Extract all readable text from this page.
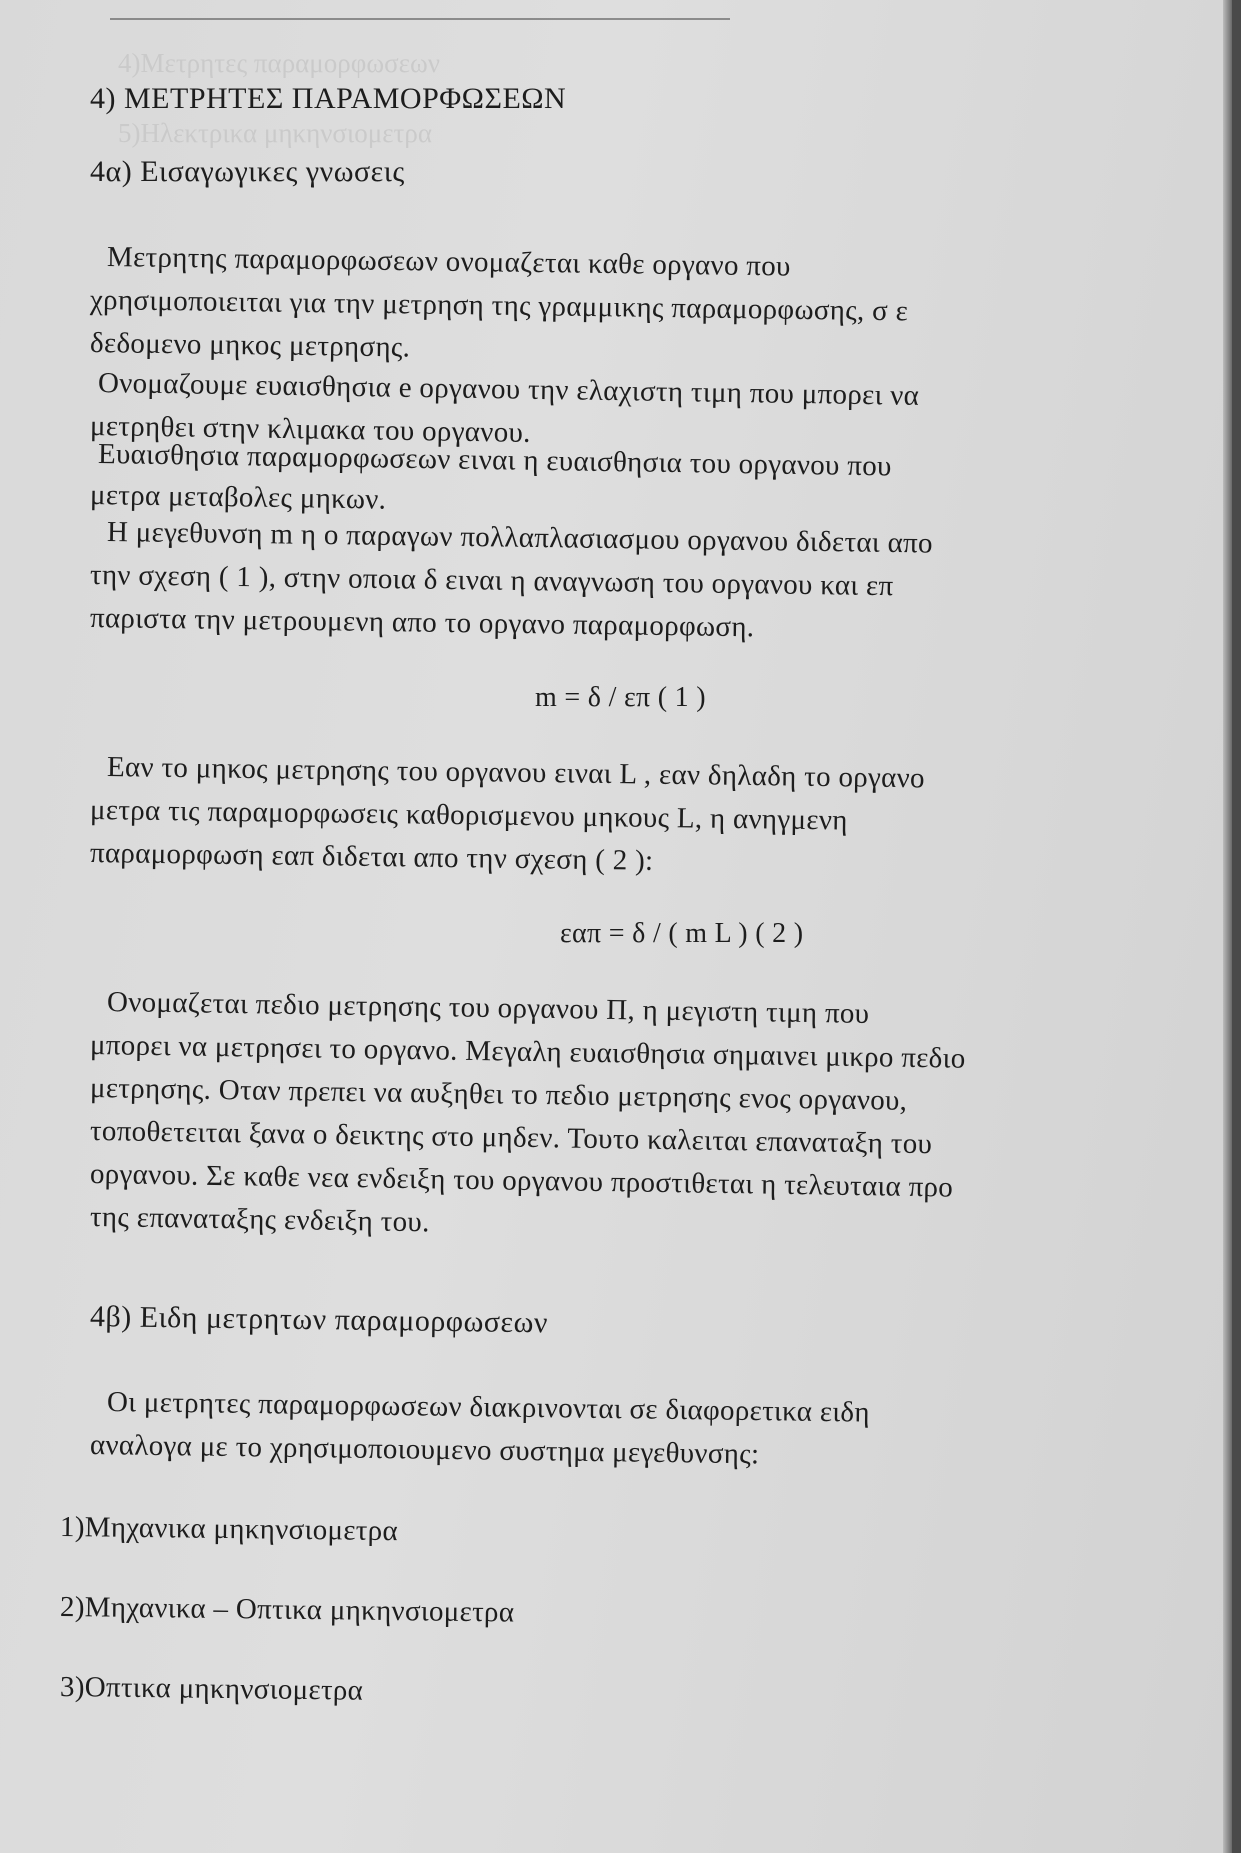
4)Μετρητες παραμορφωσεων
5)Ηλεκτρικα μηκηνσιομετρα
4) ΜΕΤΡΗΤΕΣ ΠΑΡΑΜΟΡΦΩΣΕΩΝ
4α) Εισαγωγικες γνωσεις
Μετρητης παραμορφωσεων ονομαζεται καθε οργανο που
χρησιμοποιειται για την μετρηση της γραμμικης παραμορφωσης, σ ε
δεδομενο μηκος μετρησης.
Ονομαζουμε ευαισθησια e οργανου την ελαχιστη τιμη που μπορει να
μετρηθει στην κλιμακα του οργανου.
Ευαισθησια παραμορφωσεων ειναι η ευαισθησια του οργανου που
μετρα μεταβολες μηκων.
Η μεγεθυνση m η ο παραγων πολλαπλασιασμου οργανου διδεται απο
την σχεση ( 1 ), στην οποια δ ειναι η αναγνωση του οργανου και επ
παριστα την μετρουμενη απο το οργανο παραμορφωση.
m = δ / επ ( 1 )
Εαν το μηκος μετρησης του οργανου ειναι L , εαν δηλαδη το οργανο
μετρα τις παραμορφωσεις καθορισμενου μηκους L, η ανηγμενη
παραμορφωση εαπ διδεται απο την σχεση ( 2 ):
εαπ = δ / ( m L ) ( 2 )
Ονομαζεται πεδιο μετρησης του οργανου Π, η μεγιστη τιμη που
μπορει να μετρησει το οργανο. Μεγαλη ευαισθησια σημαινει μικρο πεδιο
μετρησης. Οταν πρεπει να αυξηθει το πεδιο μετρησης ενος οργανου,
τοποθετειται ξανα ο δεικτης στο μηδεν. Τουτο καλειται επαναταξη του
οργανου. Σε καθε νεα ενδειξη του οργανου προστιθεται η τελευταια προ
της επαναταξης ενδειξη του.
4β) Ειδη μετρητων παραμορφωσεων
Οι μετρητες παραμορφωσεων διακρινονται σε διαφορετικα ειδη
αναλογα με το χρησιμοποιουμενο συστημα μεγεθυνσης:
1)Μηχανικα μηκηνσιομετρα
2)Μηχανικα – Οπτικα μηκηνσιομετρα
3)Οπτικα μηκηνσιομετρα
